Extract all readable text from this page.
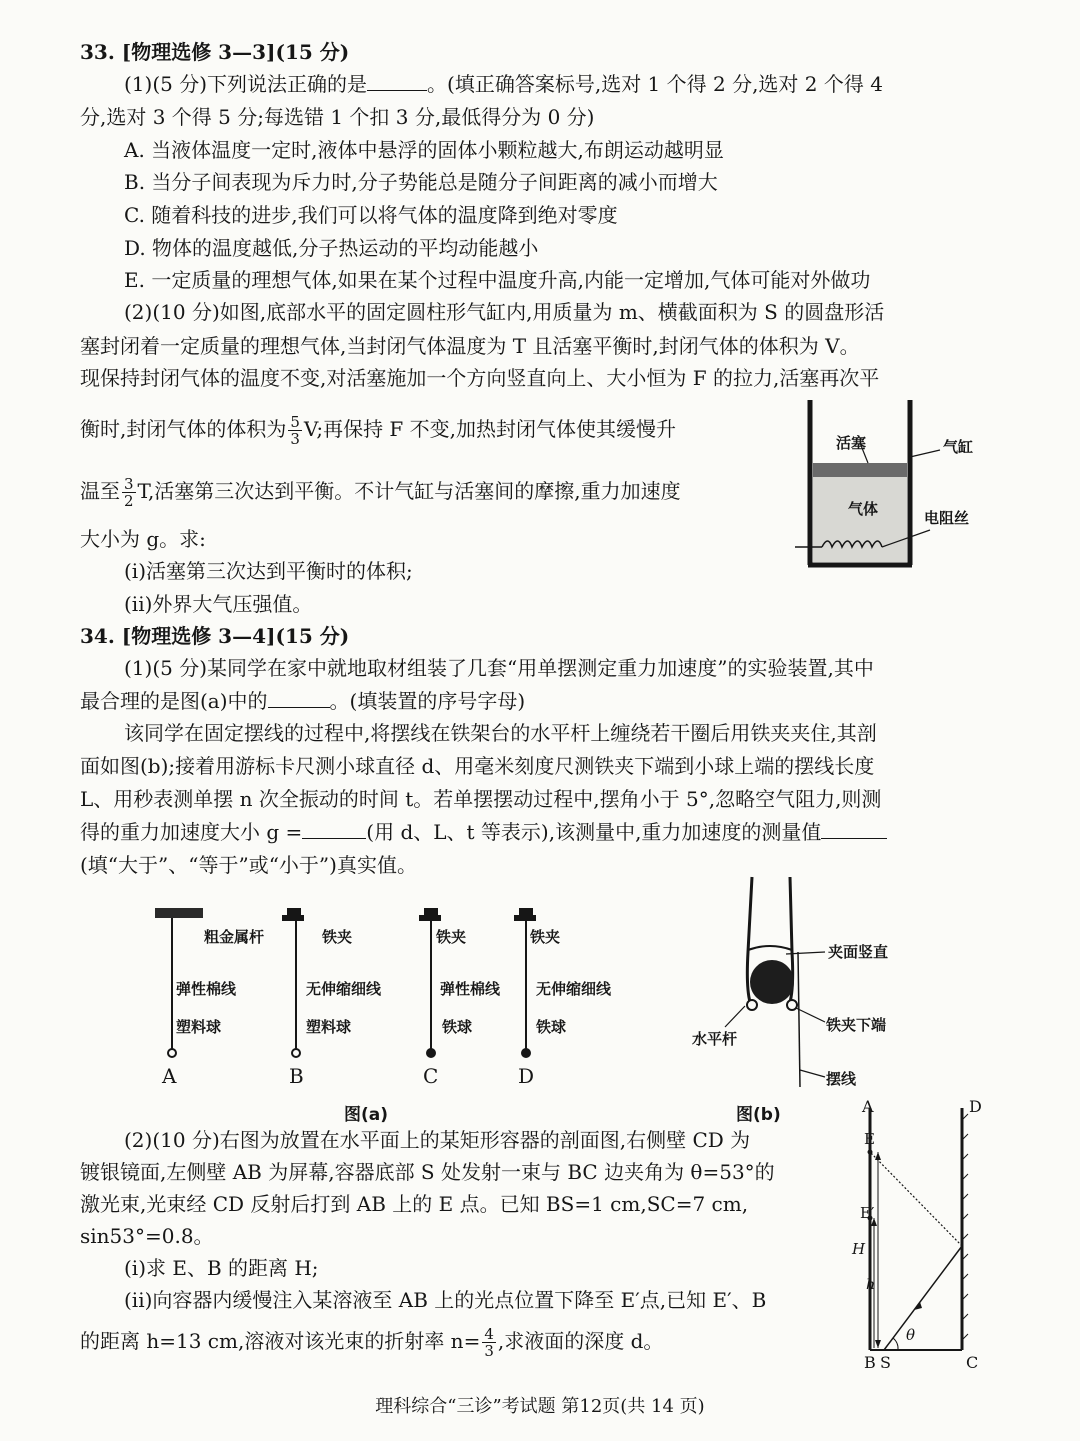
33. [物理选修 3—3](15 分)
(1)(5 分)下列说法正确的是	。(填正确答案标号,选对 1 个得 2 分,选对 2 个得 4
分,选对 3 个得 5 分;每选错 1 个扣 3 分,最低得分为 0 分)
A. 当液体温度一定时,液体中悬浮的固体小颗粒越大,布朗运动越明显
B. 当分子间表现为斥力时,分子势能总是随分子间距离的减小而增大
C. 随着科技的进步,我们可以将气体的温度降到绝对零度
D. 物体的温度越低,分子热运动的平均动能越小
E. 一定质量的理想气体,如果在某个过程中温度升高,内能一定增加,气体可能对外做功
(2)(10 分)如图,底部水平的固定圆柱形气缸内,用质量为 m、横截面积为 S 的圆盘形活
塞封闭着一定质量的理想气体,当封闭气体温度为 T 且活塞平衡时,封闭气体的体积为 V。
现保持封闭气体的温度不变,对活塞施加一个方向竖直向上、大小恒为 F 的拉力,活塞再次平
衡时,封闭气体的体积为 $\frac{5}{3} V$;再保持 F 不变,加热封闭气体使其缓慢升
温至 $\frac{3}{2} T$,活塞第三次达到平衡。不计气缸与活塞间的摩擦,重力加速度
大小为 g。求:
(i)活塞第三次达到平衡时的体积;
(ii)外界大气压强值。
活塞	气缸
气体	电阻丝
34. [物理选修 3—4](15 分)
(1)(5 分)某同学在家中就地取材组装了几套“用单摆测定重力加速度”的实验装置,其中
最合理的是图(a)中的	。(填装置的序号字母)
该同学在固定摆线的过程中,将摆线在铁架台的水平杆上缠绕若干圈后用铁夹夹住,其剖
面如图(b);接着用游标卡尺测小球直径 d、用毫米刻度尺测铁夹下端到小球上端的摆线长度
L、用秒表测单摆 n 次全振动的时间 t。若单摆摆动过程中,摆角小于 5°,忽略空气阻力,则测
得的重力加速度大小 g =	(用 d、L、t 等表示),该测量中,重力加速度的测量值
(填“大于”、“等于”或“小于”)真实值。
粗金属杆
弹性棉线
塑料球
A
铁夹
无伸缩细线
塑料球
B
铁夹
弹性棉线
铁球
C
铁夹
无伸缩细线
铁球
D
图(a)
夹面竖直
铁夹下端
水平杆
摆线
图(b)
(2)(10 分)右图为放置在水平面上的某矩形容器的剖面图,右侧壁 CD 为
镀银镜面,左侧壁 AB 为屏幕,容器底部 S 处发射一束与 BC 边夹角为 θ=53°的
激光束,光束经 CD 反射后打到 AB 上的 E 点。已知 BS=1 cm,SC=7 cm,
sin53°=0.8。
(i)求 E、B 的距离 H;
(ii)向容器内缓慢注入某溶液至 AB 上的光点位置下降至 E′点,已知 E′、B
的距离 h=13 cm,溶液对该光束的折射率 $n= \frac{4}{3}$ ,求液面的深度 d。
A	D
E
E′
H
h
θ
B S	C
理科综合“三诊”考试题 第12页(共 14 页)
